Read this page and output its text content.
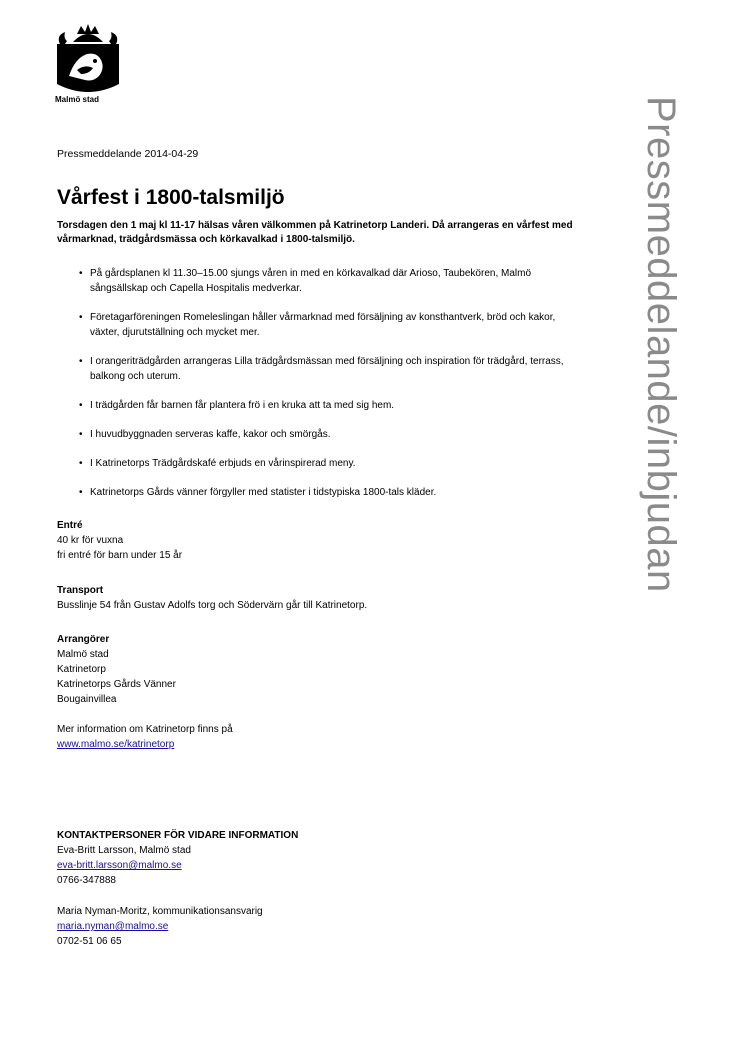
Malmö stad	Pressmeddelande/inbjudan

Pressmeddelande 2014-04-29

Vårfest i 1800-talsmiljö

Torsdagen den 1 maj kl 11-17 hälsas våren välkommen på Katrinetorp Landeri. Då arrangeras en vårfest med vårmarknad, trädgårdsmässa och körkavalkad i 1800-talsmiljö.

• På gårdsplanen kl 11.30–15.00 sjungs våren in med en körkavalkad där Arioso, Taubekören, Malmö sångsällskap och Capella Hospitalis medverkar.
• Företagarföreningen Romeleslingan håller vårmarknad med försäljning av konsthantverk, bröd och kakor, växter, djurutställning och mycket mer.
• I orangeriträdgården arrangeras Lilla trädgårdsmässan med försäljning och inspiration för trädgård, terrass, balkong och uterum.
• I trädgården får barnen får plantera frö i en kruka att ta med sig hem.
• I huvudbyggnaden serveras kaffe, kakor och smörgås.
• I Katrinetorps Trädgårdskafé erbjuds en vårinspirerad meny.
• Katrinetorps Gårds vänner förgyller med statister i tidstypiska 1800-tals kläder.

Entré

40 kr för vuxna

fri entré för barn under 15 år

Transport

Busslinje 54 från Gustav Adolfs torg och Södervärn går till Katrinetorp.

Arrangörer

Malmö stad

Katrinetorp

Katrinetorps Gårds Vänner

Bougainvillea

Mer information om Katrinetorp finns på

www.malmo.se/katrinetorp

KONTAKTPERSONER FÖR VIDARE INFORMATION

Eva-Britt Larsson, Malmö stad

eva-britt.larsson@malmo.se

0766-347888

Maria Nyman-Moritz, kommunikationsansvarig

maria.nyman@malmo.se

0702-51 06 65
